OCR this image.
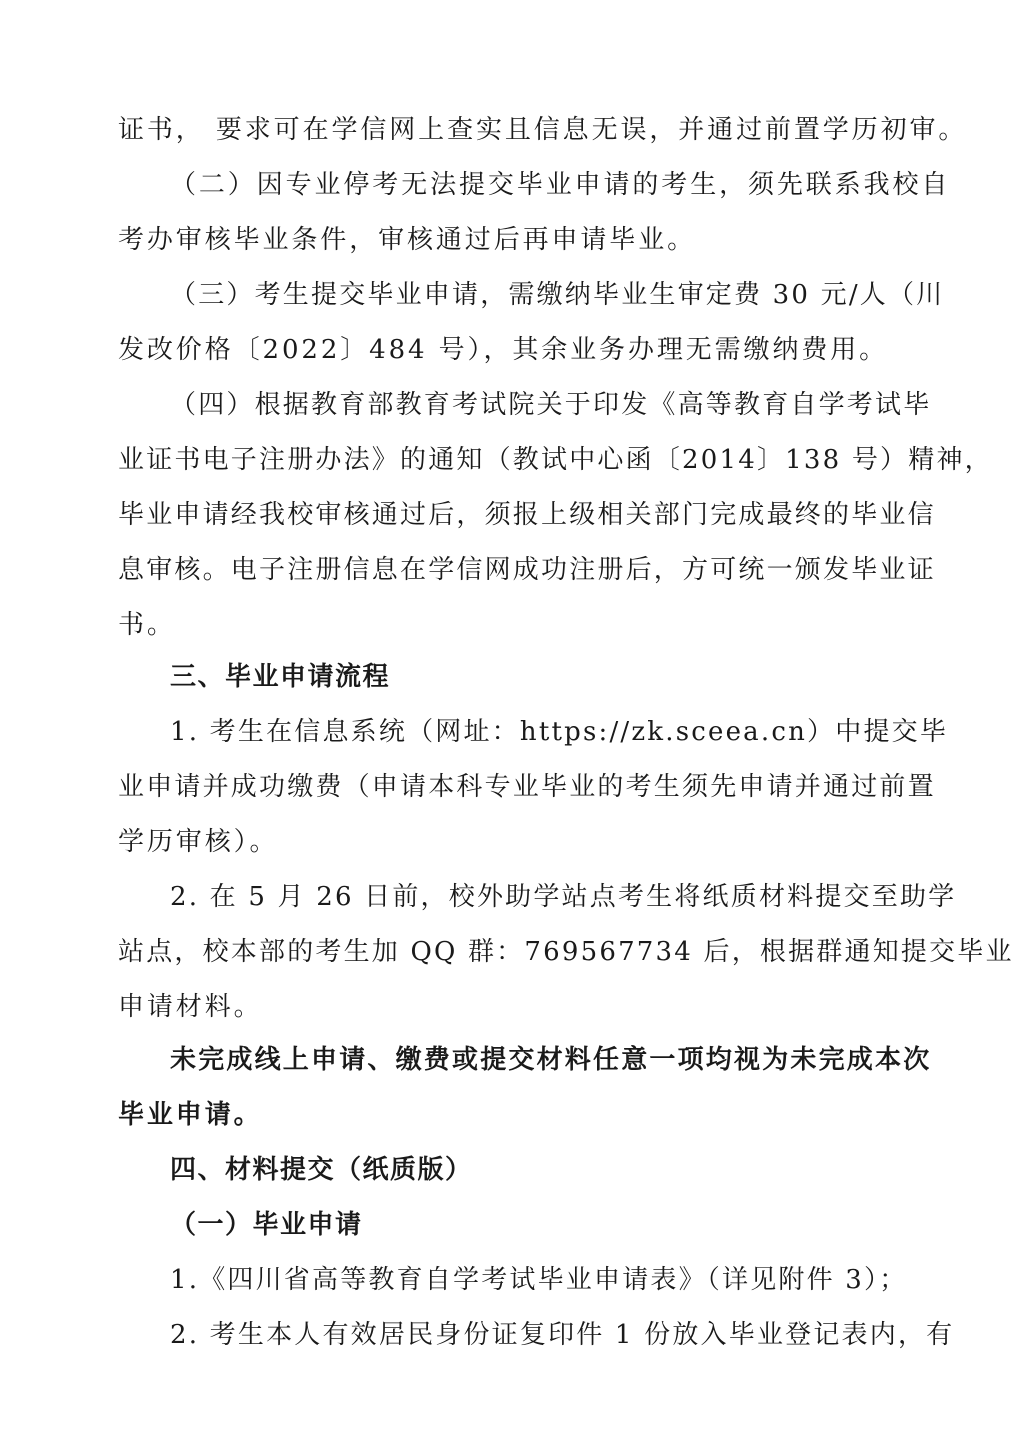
证书， 要求可在学信网上查实且信息无误，并通过前置学历初审。
（二）因专业停考无法提交毕业申请的考生，须先联系我校自
考办审核毕业条件，审核通过后再申请毕业。
（三）考生提交毕业申请，需缴纳毕业生审定费 30 元/人（川
发改价格〔2022〕484 号），其余业务办理无需缴纳费用。
（四）根据教育部教育考试院关于印发《高等教育自学考试毕
业证书电子注册办法》的通知（教试中心函〔2014〕138 号）精神，
毕业申请经我校审核通过后，须报上级相关部门完成最终的毕业信
息审核。电子注册信息在学信网成功注册后，方可统一颁发毕业证
书。
三、毕业申请流程
1. 考生在信息系统（网址：https://zk.sceea.cn）中提交毕
业申请并成功缴费（申请本科专业毕业的考生须先申请并通过前置
学历审核）。
2. 在 5 月 26 日前，校外助学站点考生将纸质材料提交至助学
站点，校本部的考生加 QQ 群：769567734 后，根据群通知提交毕业
申请材料。
未完成线上申请、缴费或提交材料任意一项均视为未完成本次
毕业申请。
四、材料提交（纸质版）
（一）毕业申请
1.《四川省高等教育自学考试毕业申请表》（详见附件 3）；
2. 考生本人有效居民身份证复印件 1 份放入毕业登记表内，有
